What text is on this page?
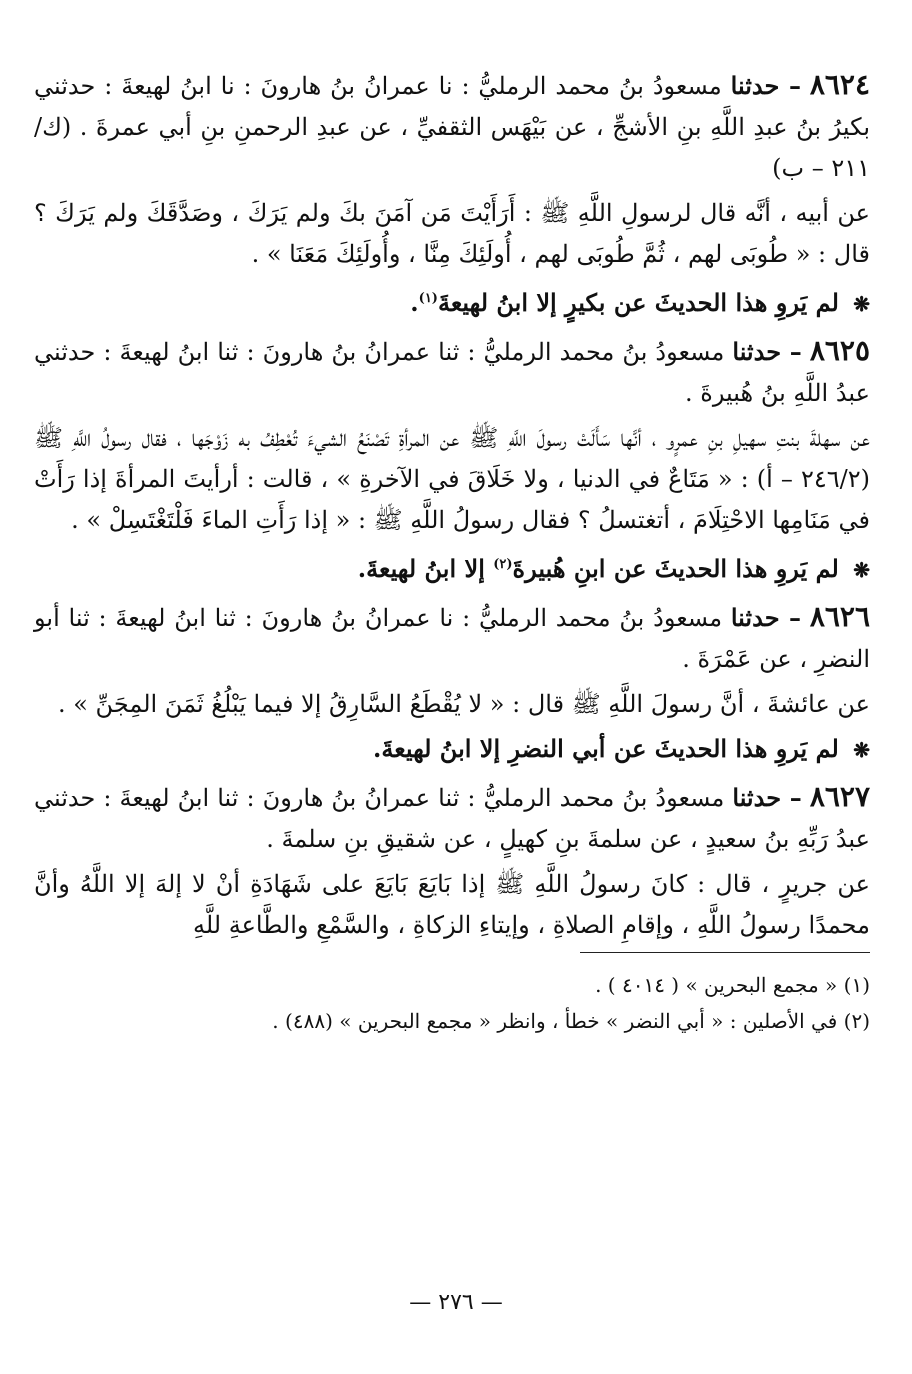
٨٦٢٤ – حدثنا مسعودُ بنُ محمد الرمليُّ : نا عمرانُ بنُ هارونَ : نا ابنُ لهيعةَ : حدثني بكيرُ بنُ عبدِ اللَّهِ بنِ الأشجِّ ، عن بَيْهَس الثقفيِّ ، عن عبدِ الرحمنِ بنِ أبي عمرةَ . (ك/٢١١ – ب)

عن أبيه ، أنَّه قال لرسولِ اللَّهِ ﷺ : أَرَأَيْتَ مَن آمَنَ بكَ ولم يَرَكَ ، وصَدَّقَكَ ولم يَرَكَ ؟ قال : « طُوبَى لهم ، ثُمَّ طُوبَى لهم ، أُولَئِكَ مِنَّا ، وأُولَئِكَ مَعَنَا » .

❋ لم يَروِ هذا الحديثَ عن بكيرٍ إلا ابنُ لهيعةَ$^{(١)}$.

٨٦٢٥ – حدثنا مسعودُ بنُ محمد الرمليُّ : ثنا عمرانُ بنُ هارونَ : ثنا ابنُ لهيعةَ : حدثني عبدُ اللَّهِ بنُ هُبيرةَ .

عن سهلةَ بنتِ سهيلِ بنِ عمرٍو ، أنَّها سَأَلَتْ رسولَ اللَّهِ ﷺ عن المرأةِ تَصْنَعُ الشيءَ تُعْطِفُ به زَوْجَها ، فقال رسولُ اللَّهِ ﷺ (٢٤٦/٢ – أ) : « مَتَاعٌ في الدنيا ، ولا خَلَاقَ في الآخرةِ » ، قالت : أرأيتَ المرأةَ إذا رَأَتْ في مَنَامِها الاحْتِلَامَ ، أتغتسلُ ؟ فقال رسولُ اللَّهِ ﷺ : « إذا رَأَتِ الماءَ فَلْتَغْتَسِلْ » .

❋ لم يَروِ هذا الحديثَ عن ابنِ هُبيرةَ$^{(٢)}$ إلا ابنُ لهيعةَ.

٨٦٢٦ – حدثنا مسعودُ بنُ محمد الرمليُّ : نا عمرانُ بنُ هارونَ : ثنا ابنُ لهيعةَ : ثنا أبو النضرِ ، عن عَمْرَةَ .

عن عائشةَ ، أنَّ رسولَ اللَّهِ ﷺ قال : « لا يُقْطَعُ السَّارِقُ إلا فيما يَبْلُغُ ثَمَنَ المِجَنِّ » .

❋ لم يَروِ هذا الحديثَ عن أبي النضرِ إلا ابنُ لهيعةَ.

٨٦٢٧ – حدثنا مسعودُ بنُ محمد الرمليُّ : ثنا عمرانُ بنُ هارونَ : ثنا ابنُ لهيعةَ : حدثني عبدُ رَبِّهِ بنُ سعيدٍ ، عن سلمةَ بنِ كهيلٍ ، عن شقيقِ بنِ سلمةَ .

عن جريرٍ ، قال : كانَ رسولُ اللَّهِ ﷺ إذا بَايَعَ بَايَعَ على شَهَادَةِ أنْ لا إلهَ إلا اللَّهُ وأنَّ محمدًا رسولُ اللَّهِ ، وإقامِ الصلاةِ ، وإيتاءِ الزكاةِ ، والسَّمْعِ والطَّاعةِ للَّهِ

(١) « مجمع البحرين » ( ٤٠١٤ ) .

(٢) في الأصلين : « أبي النضر » خطأ ، وانظر « مجمع البحرين » (٤٨٨) .

— ٢٧٦ —
